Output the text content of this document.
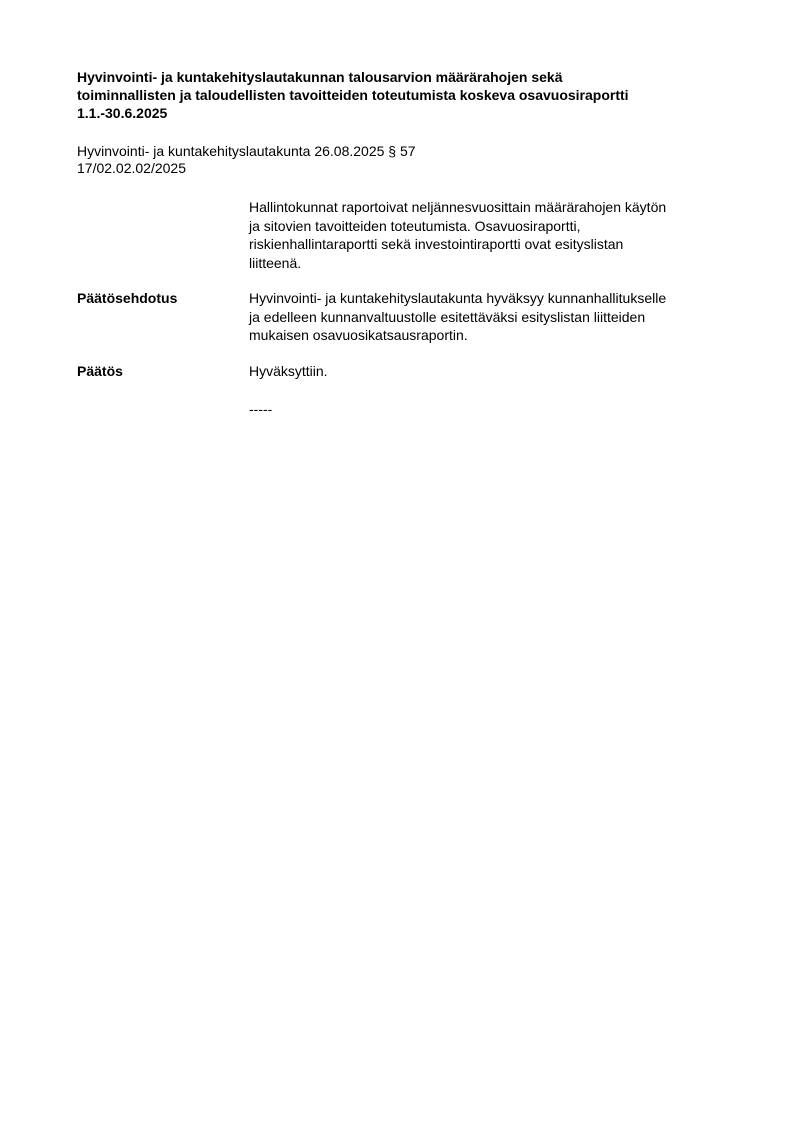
Hyvinvointi- ja kuntakehityslautakunnan talousarvion määrärahojen sekä
toiminnallisten ja taloudellisten tavoitteiden toteutumista koskeva osavuosiraportti
1.1.-30.6.2025
Hyvinvointi- ja kuntakehityslautakunta 26.08.2025 § 57
17/02.02.02/2025
Hallintokunnat raportoivat neljännesvuosittain määrärahojen käytön
ja sitovien tavoitteiden toteutumista. Osavuosiraportti,
riskienhallintaraportti sekä investointiraportti ovat esityslistan
liitteenä.
Päätösehdotus	Hyvinvointi- ja kuntakehityslautakunta hyväksyy kunnanhallitukselle
ja edelleen kunnanvaltuustolle esitettäväksi esityslistan liitteiden
mukaisen osavuosikatsausraportin.
Päätös	Hyväksyttiin.
-----
